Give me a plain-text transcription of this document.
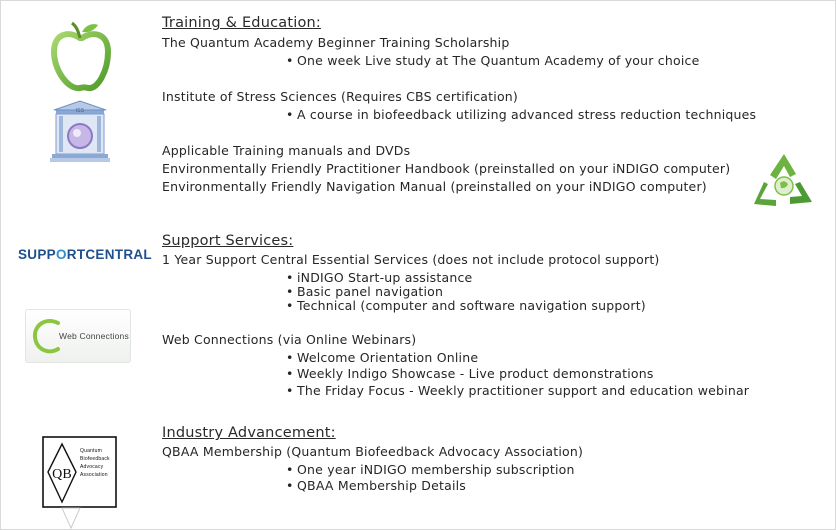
ISS
SUPPORTCENTRAL
Web Connections
QB
Quantum
Biofeedback
Advocacy
Association
Training & Education:
The Quantum Academy Beginner Training Scholarship
• One week Live study at The Quantum Academy of your choice
Institute of Stress Sciences (Requires CBS certification)
• A course in biofeedback utilizing advanced stress reduction techniques
Applicable Training manuals and DVDs
Environmentally Friendly Practitioner Handbook (preinstalled on your iNDIGO computer)
Environmentally Friendly Navigation Manual (preinstalled on your iNDIGO computer)
Support Services:
1 Year Support Central Essential Services (does not include protocol support)
• iNDIGO Start-up assistance
• Basic panel navigation
• Technical (computer and software navigation support)
Web Connections (via Online Webinars)
• Welcome Orientation Online
• Weekly Indigo Showcase - Live product demonstrations
• The Friday Focus - Weekly practitioner support and education webinar
Industry Advancement:
QBAA Membership (Quantum Biofeedback Advocacy Association)
• One year iNDIGO membership subscription
• QBAA Membership Details
